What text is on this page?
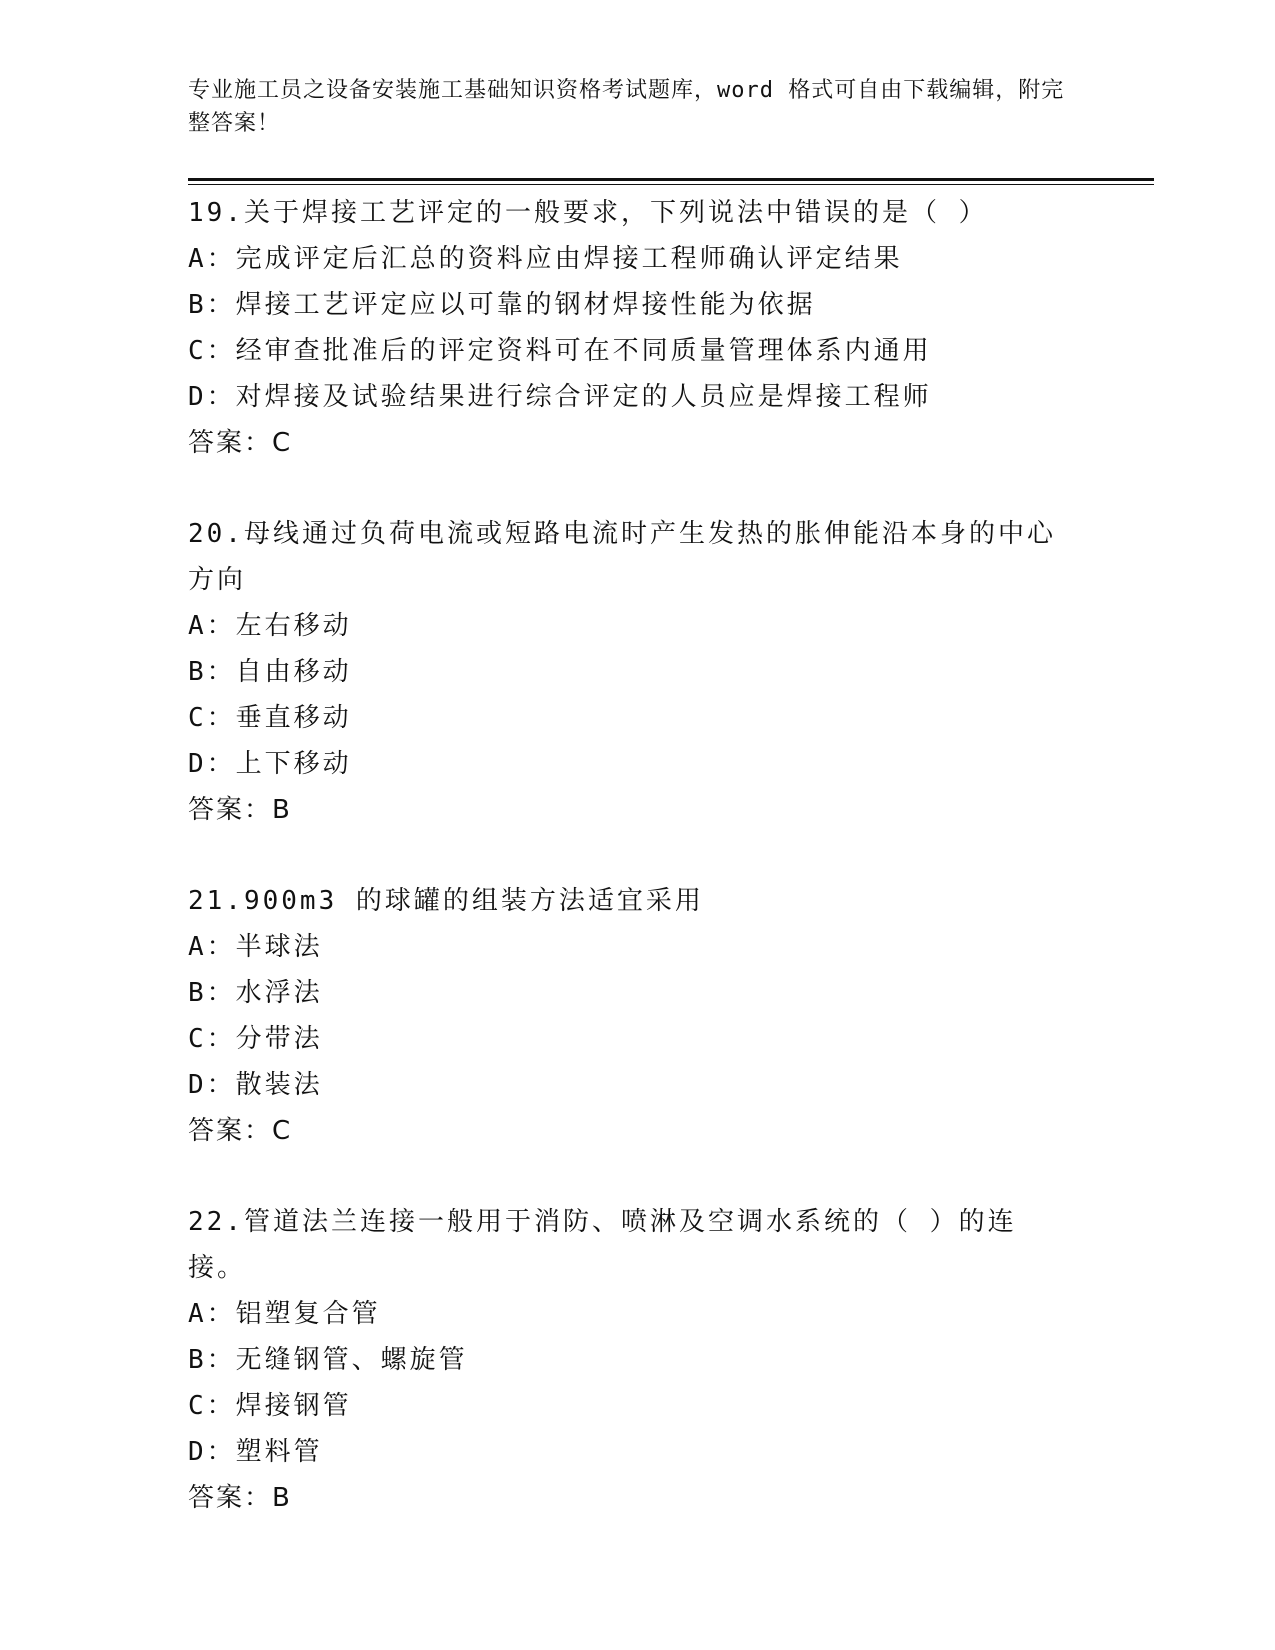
专业施工员之设备安装施工基础知识资格考试题库，word 格式可自由下载编辑，附完整答案！

19.关于焊接工艺评定的一般要求，下列说法中错误的是（ ）

A：完成评定后汇总的资料应由焊接工程师确认评定结果

B：焊接工艺评定应以可靠的钢材焊接性能为依据

C：经审查批准后的评定资料可在不同质量管理体系内通用

D：对焊接及试验结果进行综合评定的人员应是焊接工程师

答案：C

20.母线通过负荷电流或短路电流时产生发热的胀伸能沿本身的中心方向

A：左右移动

B：自由移动

C：垂直移动

D：上下移动

答案：B

21.900m3 的球罐的组装方法适宜采用

A：半球法

B：水浮法

C：分带法

D：散装法

答案：C

22.管道法兰连接一般用于消防、喷淋及空调水系统的（ ）的连接。

A：铝塑复合管

B：无缝钢管、螺旋管

C：焊接钢管

D：塑料管

答案：B
